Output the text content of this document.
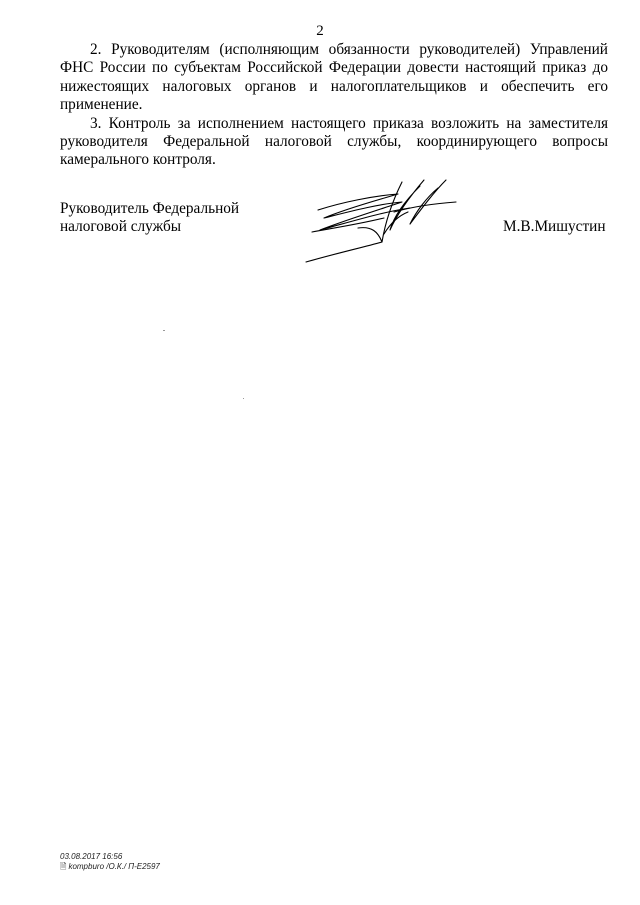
2

2. Руководителям (исполняющим обязанности руководителей) Управлений ФНС России по субъектам Российской Федерации довести настоящий приказ до нижестоящих налоговых органов и налогоплательщиков и обеспечить его применение.

3. Контроль за исполнением настоящего приказа возложить на заместителя руководителя Федеральной налоговой службы, координирующего вопросы камерального контроля.

Руководитель Федеральной
налоговой службы	М.В.Мишустин
03.08.2017 16:56
🗎 kompburo /О.К./ П-Е2597
